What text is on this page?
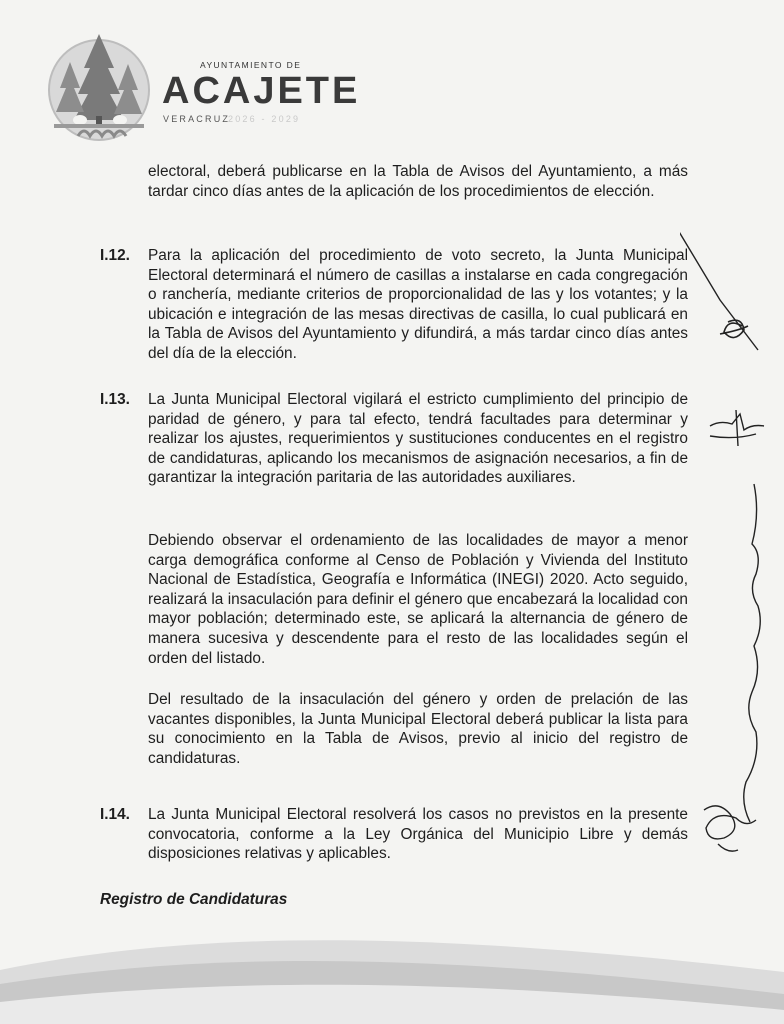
AYUNTAMIENTO DE
ACAJETE
VERACRUZ
2026 - 2029
electoral, deberá publicarse en la Tabla de Avisos del Ayuntamiento, a más tardar cinco días antes de la aplicación de los procedimientos de elección.
I.12. Para la aplicación del procedimiento de voto secreto, la Junta Municipal Electoral determinará el número de casillas a instalarse en cada congregación o ranchería, mediante criterios de proporcionalidad de las y los votantes; y la ubicación e integración de las mesas directivas de casilla, lo cual publicará en la Tabla de Avisos del Ayuntamiento y difundirá, a más tardar cinco días antes del día de la elección.
I.13. La Junta Municipal Electoral vigilará el estricto cumplimiento del principio de paridad de género, y para tal efecto, tendrá facultades para determinar y realizar los ajustes, requerimientos y sustituciones conducentes en el registro de candidaturas, aplicando los mecanismos de asignación necesarios, a fin de garantizar la integración paritaria de las autoridades auxiliares.
Debiendo observar el ordenamiento de las localidades de mayor a menor carga demográfica conforme al Censo de Población y Vivienda del Instituto Nacional de Estadística, Geografía e Informática (INEGI) 2020. Acto seguido, realizará la insaculación para definir el género que encabezará la localidad con mayor población; determinado este, se aplicará la alternancia de género de manera sucesiva y descendente para el resto de las localidades según el orden del listado.
Del resultado de la insaculación del género y orden de prelación de las vacantes disponibles, la Junta Municipal Electoral deberá publicar la lista para su conocimiento en la Tabla de Avisos, previo al inicio del registro de candidaturas.
I.14. La Junta Municipal Electoral resolverá los casos no previstos en la presente convocatoria, conforme a la Ley Orgánica del Municipio Libre y demás disposiciones relativas y aplicables.
Registro de Candidaturas
